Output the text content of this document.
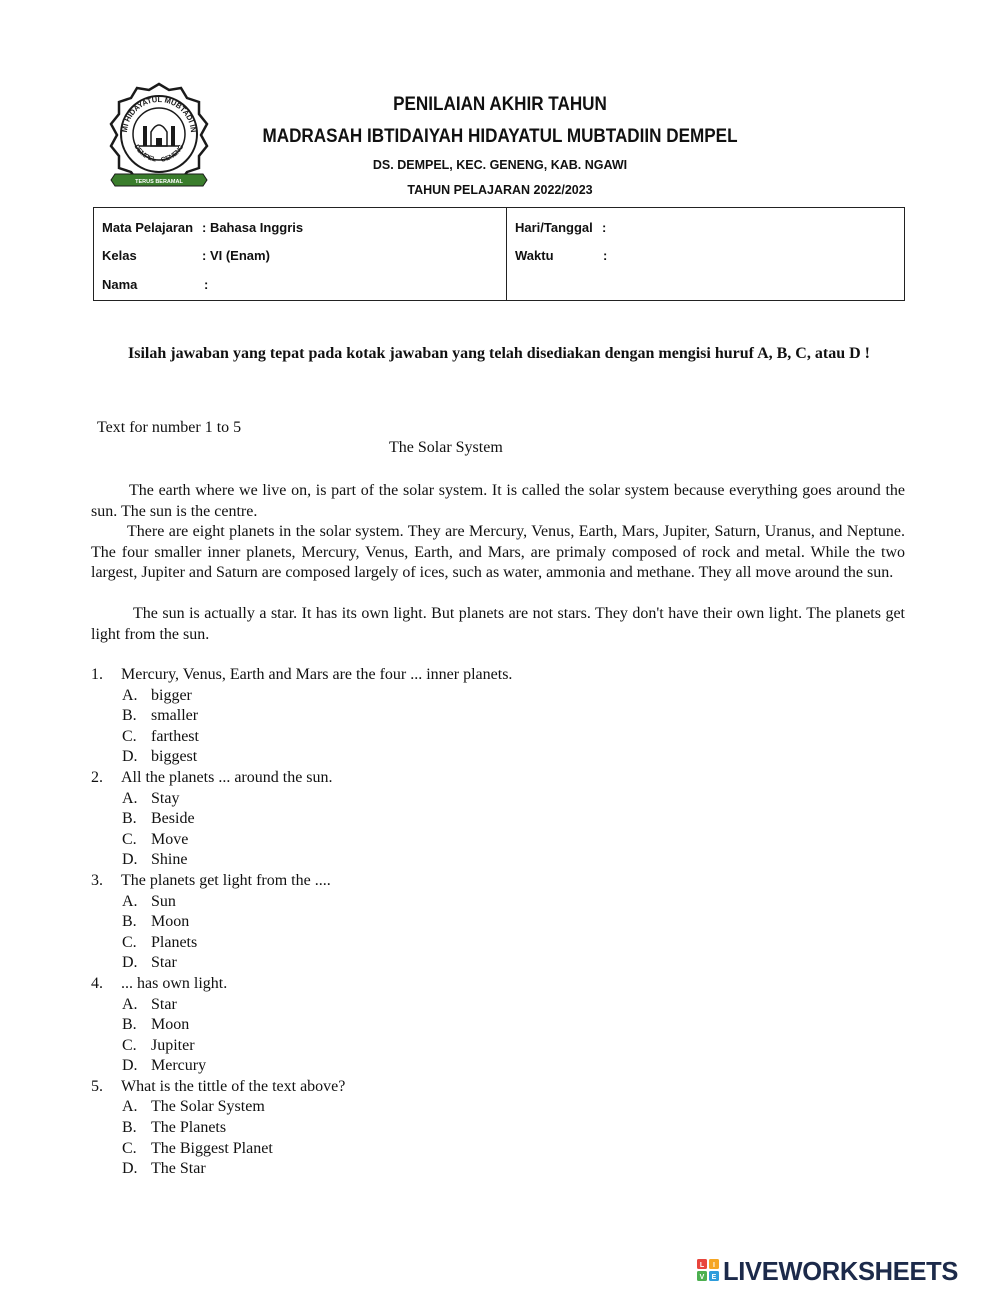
MI HIDAYATUL MUBTADI IN
DEMPEL - GENENG
TERUS BERAMAL
PENILAIAN AKHIR TAHUN
MADRASAH IBTIDAIYAH HIDAYATUL MUBTADIIN DEMPEL
DS. DEMPEL, KEC. GENENG, KAB. NGAWI
TAHUN PELAJARAN 2022/2023
Mata Pelajaran : Bahasa Inggris
Kelas	: VI (Enam)
Nama	:
Hari/Tanggal :
Waktu	:
Isilah jawaban yang tepat pada kotak jawaban yang telah disediakan dengan mengisi huruf A, B, C, atau D !
Text for number 1 to 5
The Solar System

The earth where we live on, is part of the solar system. It is called the solar system because everything goes around the sun. The sun is the centre.

There are eight planets in the solar system. They are Mercury, Venus, Earth, Mars, Jupiter, Saturn, Uranus, and Neptune. The four smaller inner planets, Mercury, Venus, Earth, and Mars, are primaly composed of rock and metal. While the two largest, Jupiter and Saturn are composed largely of ices, such as water, ammonia and methane. They all move around the sun.

The sun is actually a star. It has its own light. But planets are not stars. They don't have their own light. The planets get light from the sun.

1. Mercury, Venus, Earth and Mars are the four ... inner planets.
A. bigger
B. smaller
C. farthest
D. biggest
2. All the planets ... around the sun.
A. Stay
B. Beside
C. Move
D. Shine
3. The planets get light from the ....
A. Sun
B. Moon
C. Planets
D. Star
4. ... has own light.
A. Star
B. Moon
C. Jupiter
D. Mercury
5. What is the tittle of the text above?
A. The Solar System
B. The Planets
C. The Biggest Planet
D. The Star
L I
V E LIVEWORKSHEETS
